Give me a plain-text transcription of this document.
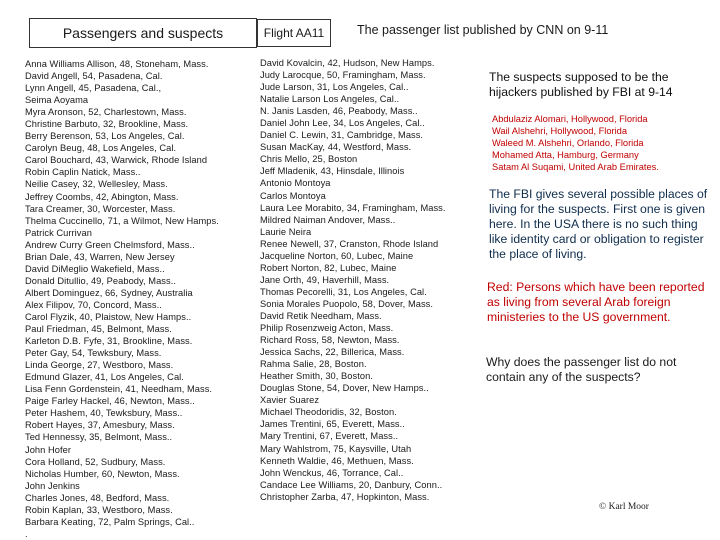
Passengers and suspects	Flight AA11	The passenger list published by CNN on 9-11
Anna Williams Allison, 48, Stoneham, Mass.
David Angell, 54, Pasadena, Cal.
Lynn Angell, 45, Pasadena, Cal.,
Seima Aoyama
Myra Aronson, 52, Charlestown, Mass.
Christine Barbuto, 32, Brookline, Mass.
Berry Berenson, 53, Los Angeles, Cal.
Carolyn Beug, 48, Los Angeles, Cal.
Carol Bouchard, 43, Warwick, Rhode Island
Robin Caplin Natick, Mass..
Neilie Casey, 32, Wellesley, Mass.
Jeffrey Coombs, 42, Abington, Mass.
Tara Creamer, 30, Worcester, Mass.
Thelma Cuccinello, 71, a Wilmot, New Hamps.
Patrick Currivan
Andrew Curry Green Chelmsford, Mass..
Brian Dale, 43, Warren, New Jersey
David DiMeglio Wakefield, Mass..
Donald Ditullio, 49, Peabody, Mass..
Albert Dominguez, 66, Sydney, Australia
Alex Filipov, 70, Concord, Mass..
Carol Flyzik, 40, Plaistow, New Hamps..
Paul Friedman, 45, Belmont, Mass.
Karleton D.B. Fyfe, 31, Brookline, Mass.
Peter Gay, 54, Tewksbury, Mass.
Linda George, 27, Westboro, Mass.
Edmund Glazer, 41, Los Angeles, Cal.
Lisa Fenn Gordenstein, 41, Needham, Mass.
Paige Farley Hackel, 46, Newton, Mass..
Peter Hashem, 40, Tewksbury, Mass..
Robert Hayes, 37, Amesbury, Mass.
Ted Hennessy, 35, Belmont, Mass..
John Hofer
Cora Holland, 52, Sudbury, Mass.
Nicholas Humber, 60, Newton, Mass.
John Jenkins
Charles Jones, 48, Bedford, Mass.
Robin Kaplan, 33, Westboro, Mass.
Barbara Keating, 72, Palm Springs, Cal..
.
David Kovalcin, 42, Hudson, New Hamps.
Judy Larocque, 50, Framingham, Mass.
Jude Larson, 31, Los Angeles, Cal..
Natalie Larson Los Angeles, Cal..
N. Janis Lasden, 46, Peabody, Mass..
Daniel John Lee, 34, Los Angeles, Cal..
Daniel C. Lewin, 31, Cambridge, Mass.
Susan MacKay, 44, Westford, Mass.
Chris Mello, 25, Boston
Jeff Mladenik, 43, Hinsdale, Illinois
Antonio Montoya
Carlos Montoya
Laura Lee Morabito, 34, Framingham, Mass.
Mildred Naiman Andover, Mass..
Laurie Neira
Renee Newell, 37, Cranston, Rhode Island
Jacqueline Norton, 60, Lubec, Maine
Robert Norton, 82, Lubec, Maine
Jane Orth, 49, Haverhill, Mass.
Thomas Pecorelli, 31, Los Angeles, Cal.
Sonia Morales Puopolo, 58, Dover, Mass.
David Retik Needham, Mass.
Philip Rosenzweig Acton, Mass.
Richard Ross, 58, Newton, Mass.
Jessica Sachs, 22, Billerica, Mass.
Rahma Salie, 28, Boston.
Heather Smith, 30, Boston.
Douglas Stone, 54, Dover, New Hamps..
Xavier Suarez
Michael Theodoridis, 32, Boston.
James Trentini, 65, Everett, Mass..
Mary Trentini, 67, Everett, Mass..
Mary Wahlstrom, 75, Kaysville, Utah
Kenneth Waldie, 46, Methuen, Mass.
John Wenckus, 46, Torrance, Cal..
Candace Lee Williams, 20, Danbury, Conn..
Christopher Zarba, 47, Hopkinton, Mass.
The suspects supposed to be the hijackers published by FBI at 9-14
Abdulaziz Alomari, Hollywood, Florida
Wail Alshehri, Hollywood, Florida
Waleed M. Alshehri, Orlando, Florida
Mohamed Atta, Hamburg, Germany
Satam Al Suqami, United Arab Emirates.
The FBI gives several possible places of living for the suspects. First one is given here. In the USA there is no such thing like identity card or obligation to register the place of living.
Red: Persons which have been reported as living from several Arab foreign ministeries to the US government.
Why does the passenger list do not contain any of the suspects?
© Karl Moor
